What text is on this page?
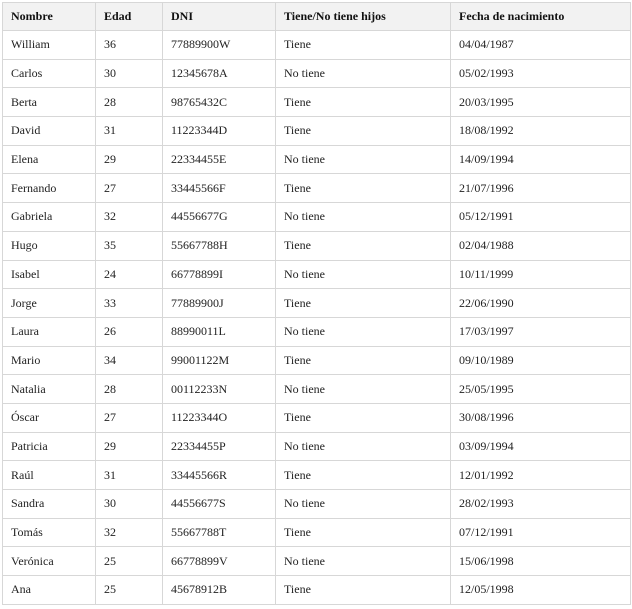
Nombre	Edad	DNI	Tiene/No tiene hijos	Fecha de nacimiento
William	36	77889900W	Tiene	04/04/1987
Carlos	30	12345678A	No tiene	05/02/1993
Berta	28	98765432C	Tiene	20/03/1995
David	31	11223344D	Tiene	18/08/1992
Elena	29	22334455E	No tiene	14/09/1994
Fernando	27	33445566F	Tiene	21/07/1996
Gabriela	32	44556677G	No tiene	05/12/1991
Hugo	35	55667788H	Tiene	02/04/1988
Isabel	24	66778899I	No tiene	10/11/1999
Jorge	33	77889900J	Tiene	22/06/1990
Laura	26	88990011L	No tiene	17/03/1997
Mario	34	99001122M	Tiene	09/10/1989
Natalia	28	00112233N	No tiene	25/05/1995
Óscar	27	11223344O	Tiene	30/08/1996
Patricia	29	22334455P	No tiene	03/09/1994
Raúl	31	33445566R	Tiene	12/01/1992
Sandra	30	44556677S	No tiene	28/02/1993
Tomás	32	55667788T	Tiene	07/12/1991
Verónica	25	66778899V	No tiene	15/06/1998
Ana	25	45678912B	Tiene	12/05/1998
